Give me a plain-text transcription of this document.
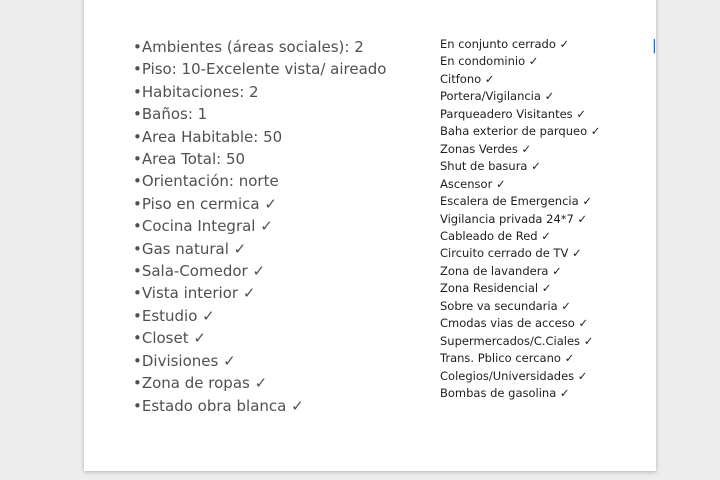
•Ambientes (áreas sociales): 2
•Piso: 10-Excelente vista/ aireado
•Habitaciones: 2
•Baños: 1
•Area Habitable: 50
•Area Total: 50
•Orientación: norte
•Piso en cermica ✓
•Cocina Integral ✓
•Gas natural ✓
•Sala-Comedor ✓
•Vista interior ✓
•Estudio ✓
•Closet ✓
•Divisiones ✓
•Zona de ropas ✓
•Estado obra blanca ✓
En conjunto cerrado ✓
En condominio ✓
Citfono ✓
Portera/Vigilancia ✓
Parqueadero Visitantes ✓
Baha exterior de parqueo ✓
Zonas Verdes ✓
Shut de basura ✓
Ascensor ✓
Escalera de Emergencia ✓
Vigilancia privada 24*7 ✓
Cableado de Red ✓
Circuito cerrado de TV ✓
Zona de lavandera ✓
Zona Residencial ✓
Sobre va secundaria ✓
Cmodas vias de acceso ✓
Supermercados/C.Ciales ✓
Trans. Pblico cercano ✓
Colegios/Universidades ✓
Bombas de gasolina ✓
|
